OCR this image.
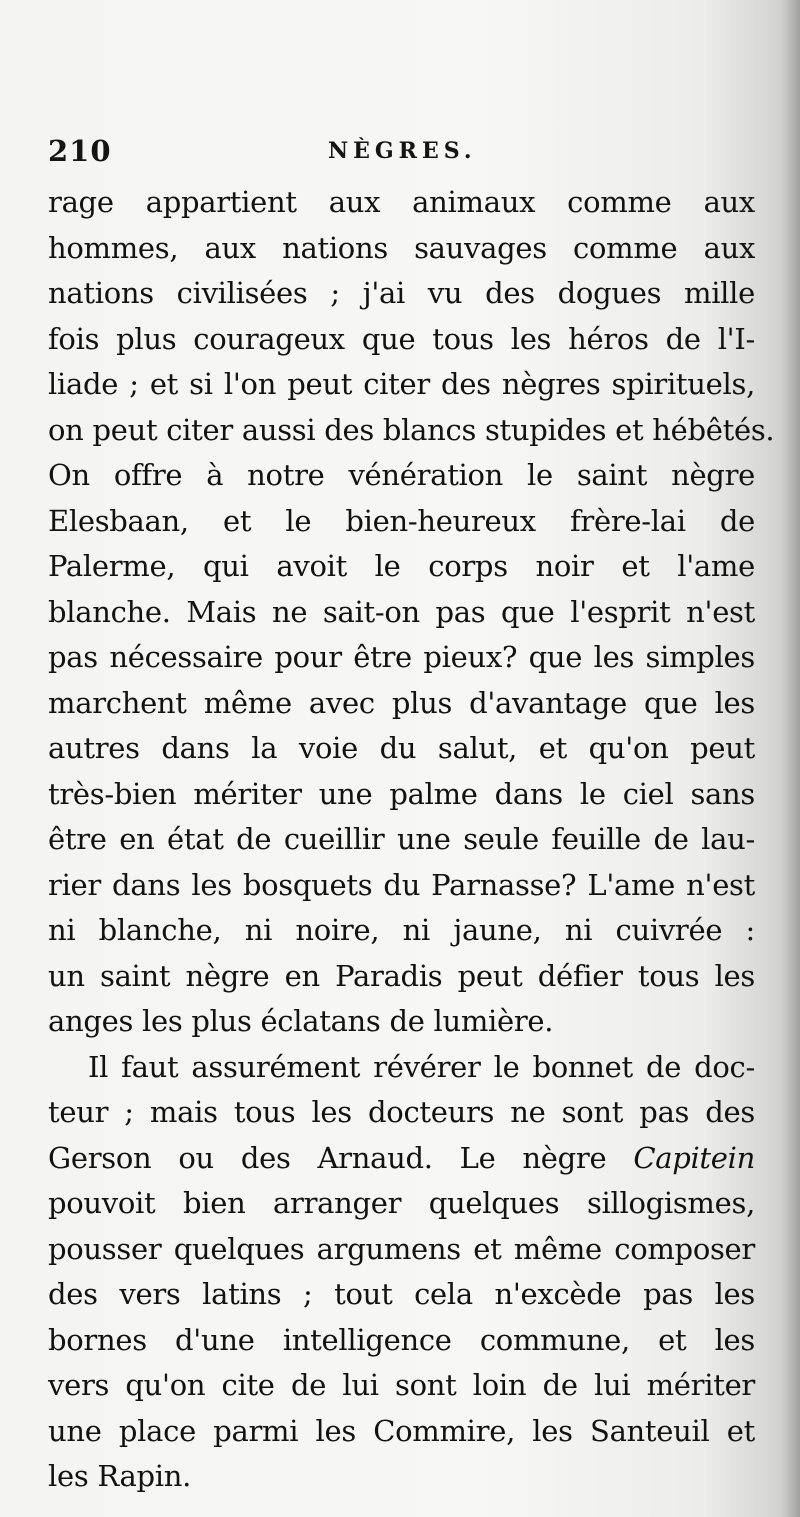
210	NÈGRES.
rage appartient aux animaux comme aux
hommes, aux nations sauvages comme aux
nations civilisées ; j'ai vu des dogues mille
fois plus courageux que tous les héros de l'I-
liade ; et si l'on peut citer des nègres spirituels,
on peut citer aussi des blancs stupides et hébêtés.
On offre à notre vénération le saint nègre
Elesbaan, et le bien-heureux frère-lai de
Palerme, qui avoit le corps noir et l'ame
blanche. Mais ne sait-on pas que l'esprit n'est
pas nécessaire pour être pieux? que les simples
marchent même avec plus d'avantage que les
autres dans la voie du salut, et qu'on peut
très-bien mériter une palme dans le ciel sans
être en état de cueillir une seule feuille de lau-
rier dans les bosquets du Parnasse? L'ame n'est
ni blanche, ni noire, ni jaune, ni cuivrée :
un saint nègre en Paradis peut défier tous les
anges les plus éclatans de lumière.
Il faut assurément révérer le bonnet de doc-
teur ; mais tous les docteurs ne sont pas des
Gerson ou des Arnaud. Le nègre Capitein
pouvoit bien arranger quelques sillogismes,
pousser quelques argumens et même composer
des vers latins ; tout cela n'excède pas les
bornes d'une intelligence commune, et les
vers qu'on cite de lui sont loin de lui mériter
une place parmi les Commire, les Santeuil et
les Rapin.
